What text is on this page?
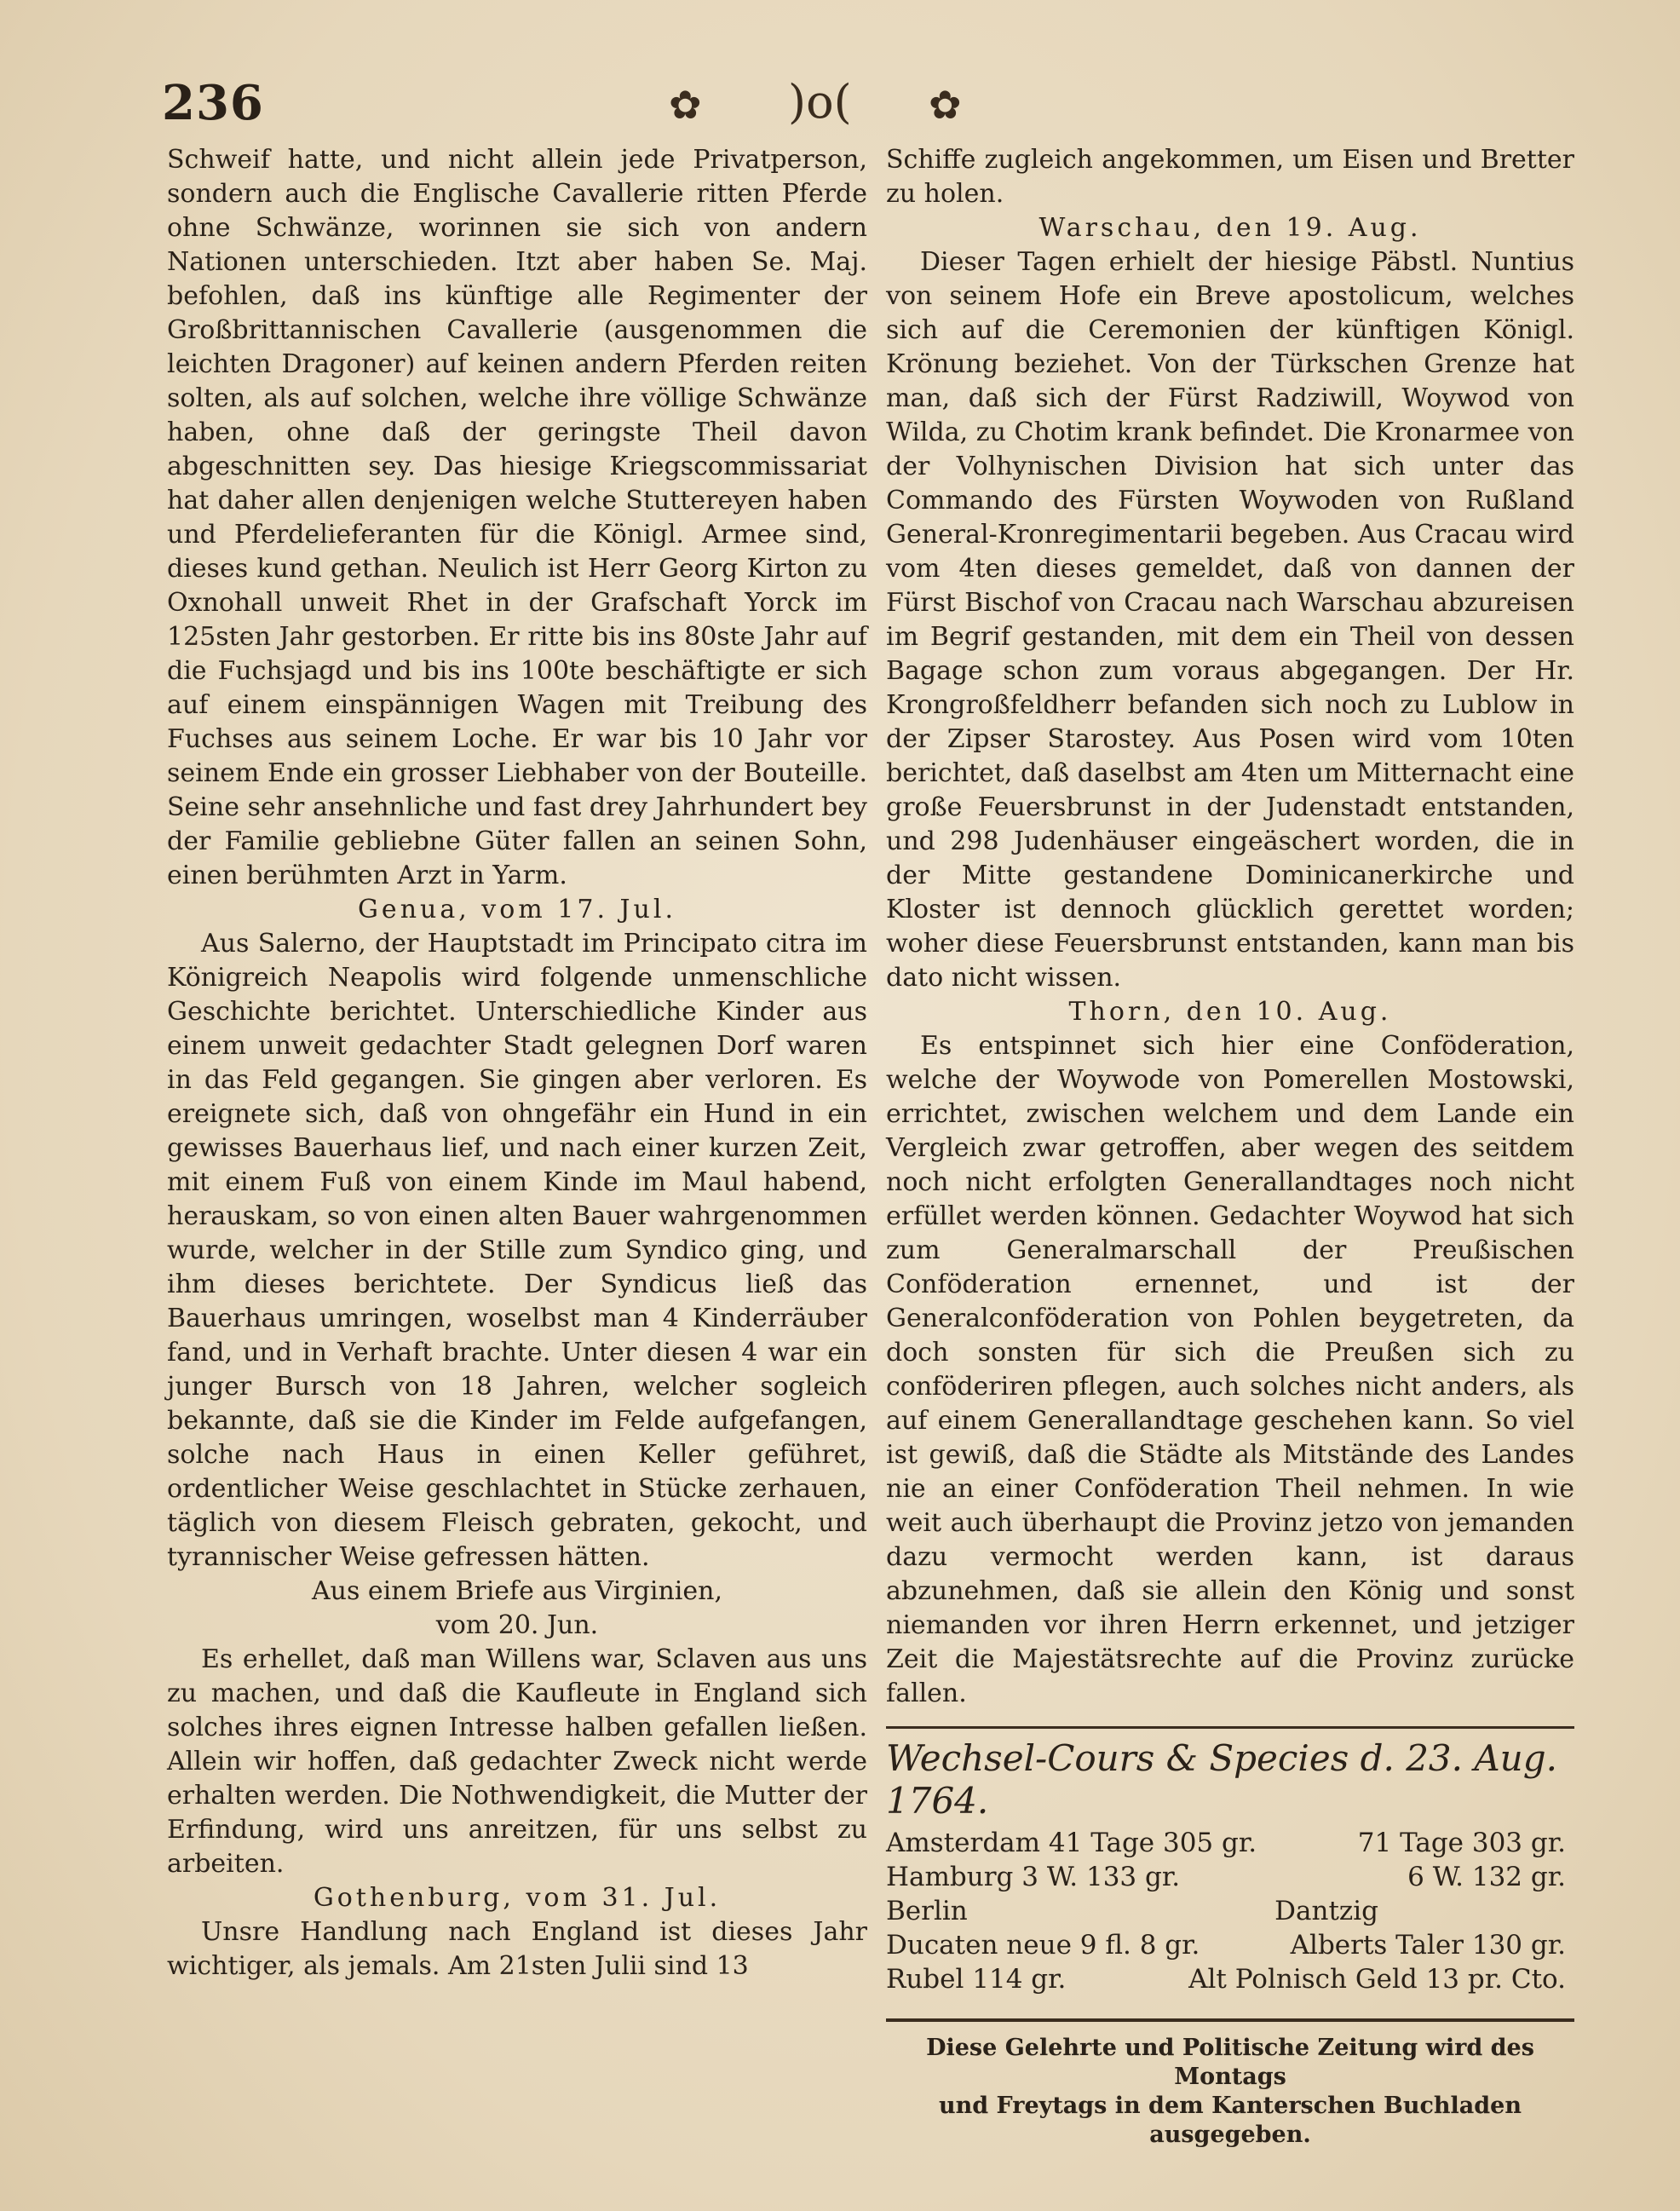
236	✿ )o( ✿

Schweif hatte, und nicht allein jede Privatperson, sondern auch die Englische Cavallerie ritten Pferde ohne Schwänze, worinnen sie sich von andern Nationen unterschieden. Itzt aber haben Se. Maj. befohlen, daß ins künftige alle Regimenter der Großbrittannischen Cavallerie (ausgenommen die leichten Dragoner) auf keinen andern Pferden reiten solten, als auf solchen, welche ihre völlige Schwänze haben, ohne daß der geringste Theil davon abgeschnitten sey. Das hiesige Kriegscommissariat hat daher allen denjenigen welche Stuttereyen haben und Pferdelieferanten für die Königl. Armee sind, dieses kund gethan. Neulich ist Herr Georg Kirton zu Oxnohall unweit Rhet in der Grafschaft Yorck im 125sten Jahr gestorben. Er ritte bis ins 80ste Jahr auf die Fuchsjagd und bis ins 100te beschäftigte er sich auf einem einspännigen Wagen mit Treibung des Fuchses aus seinem Loche. Er war bis 10 Jahr vor seinem Ende ein grosser Liebhaber von der Bouteille. Seine sehr ansehnliche und fast drey Jahrhundert bey der Familie gebliebne Güter fallen an seinen Sohn, einen berühmten Arzt in Yarm.

Genua, vom 17. Jul.

Aus Salerno, der Hauptstadt im Principato citra im Königreich Neapolis wird folgende unmenschliche Geschichte berichtet. Unterschiedliche Kinder aus einem unweit gedachter Stadt gelegnen Dorf waren in das Feld gegangen. Sie gingen aber verloren. Es ereignete sich, daß von ohngefähr ein Hund in ein gewisses Bauerhaus lief, und nach einer kurzen Zeit, mit einem Fuß von einem Kinde im Maul habend, herauskam, so von einen alten Bauer wahrgenommen wurde, welcher in der Stille zum Syndico ging, und ihm dieses berichtete. Der Syndicus ließ das Bauerhaus umringen, woselbst man 4 Kinderräuber fand, und in Verhaft brachte. Unter diesen 4 war ein junger Bursch von 18 Jahren, welcher sogleich bekannte, daß sie die Kinder im Felde aufgefangen, solche nach Haus in einen Keller geführet, ordentlicher Weise geschlachtet in Stücke zerhauen, täglich von diesem Fleisch gebraten, gekocht, und tyrannischer Weise gefressen hätten.

Aus einem Briefe aus Virginien,

vom 20. Jun.

Es erhellet, daß man Willens war, Sclaven aus uns zu machen, und daß die Kaufleute in England sich solches ihres eignen Intresse halben gefallen ließen. Allein wir hoffen, daß gedachter Zweck nicht werde erhalten werden. Die Nothwendigkeit, die Mutter der Erfindung, wird uns anreitzen, für uns selbst zu arbeiten.

Gothenburg, vom 31. Jul.

Unsre Handlung nach England ist dieses Jahr wichtiger, als jemals. Am 21sten Julii sind 13

Schiffe zugleich angekommen, um Eisen und Bretter zu holen.

Warschau, den 19. Aug.

Dieser Tagen erhielt der hiesige Päbstl. Nuntius von seinem Hofe ein Breve apostolicum, welches sich auf die Ceremonien der künftigen Königl. Krönung beziehet. Von der Türkschen Grenze hat man, daß sich der Fürst Radziwill, Woywod von Wilda, zu Chotim krank befindet. Die Kronarmee von der Volhynischen Division hat sich unter das Commando des Fürsten Woywoden von Rußland General-Kronregimentarii begeben. Aus Cracau wird vom 4ten dieses gemeldet, daß von dannen der Fürst Bischof von Cracau nach Warschau abzureisen im Begrif gestanden, mit dem ein Theil von dessen Bagage schon zum voraus abgegangen. Der Hr. Krongroßfeldherr befanden sich noch zu Lublow in der Zipser Starostey. Aus Posen wird vom 10ten berichtet, daß daselbst am 4ten um Mitternacht eine große Feuersbrunst in der Judenstadt entstanden, und 298 Judenhäuser eingeäschert worden, die in der Mitte gestandene Dominicanerkirche und Kloster ist dennoch glücklich gerettet worden; woher diese Feuersbrunst entstanden, kann man bis dato nicht wissen.

Thorn, den 10. Aug.

Es entspinnet sich hier eine Conföderation, welche der Woywode von Pomerellen Mostowski, errichtet, zwischen welchem und dem Lande ein Vergleich zwar getroffen, aber wegen des seitdem noch nicht erfolgten Generallandtages noch nicht erfüllet werden können. Gedachter Woywod hat sich zum Generalmarschall der Preußischen Conföderation ernennet, und ist der Generalconföderation von Pohlen beygetreten, da doch sonsten für sich die Preußen sich zu conföderiren pflegen, auch solches nicht anders, als auf einem Generallandtage geschehen kann. So viel ist gewiß, daß die Städte als Mitstände des Landes nie an einer Conföderation Theil nehmen. In wie weit auch überhaupt die Provinz jetzo von jemanden dazu vermocht werden kann, ist daraus abzunehmen, daß sie allein den König und sonst niemanden vor ihren Herrn erkennet, und jetziger Zeit die Majestätsrechte auf die Provinz zurücke fallen.

Wechsel-Cours & Species d. 23. Aug. 1764.
Amsterdam 41 Tage 305 gr.	71 Tage 303 gr.
Hamburg 3 W. 133 gr.	6 W. 132 gr.
Berlin	Dantzig
Ducaten neue 9 fl. 8 gr.	Alberts Taler 130 gr.
Rubel 114 gr.	Alt Polnisch Geld 13 pr. Cto.
Diese Gelehrte und Politische Zeitung wird des Montags
und Freytags in dem Kanterschen Buchladen
ausgegeben.
